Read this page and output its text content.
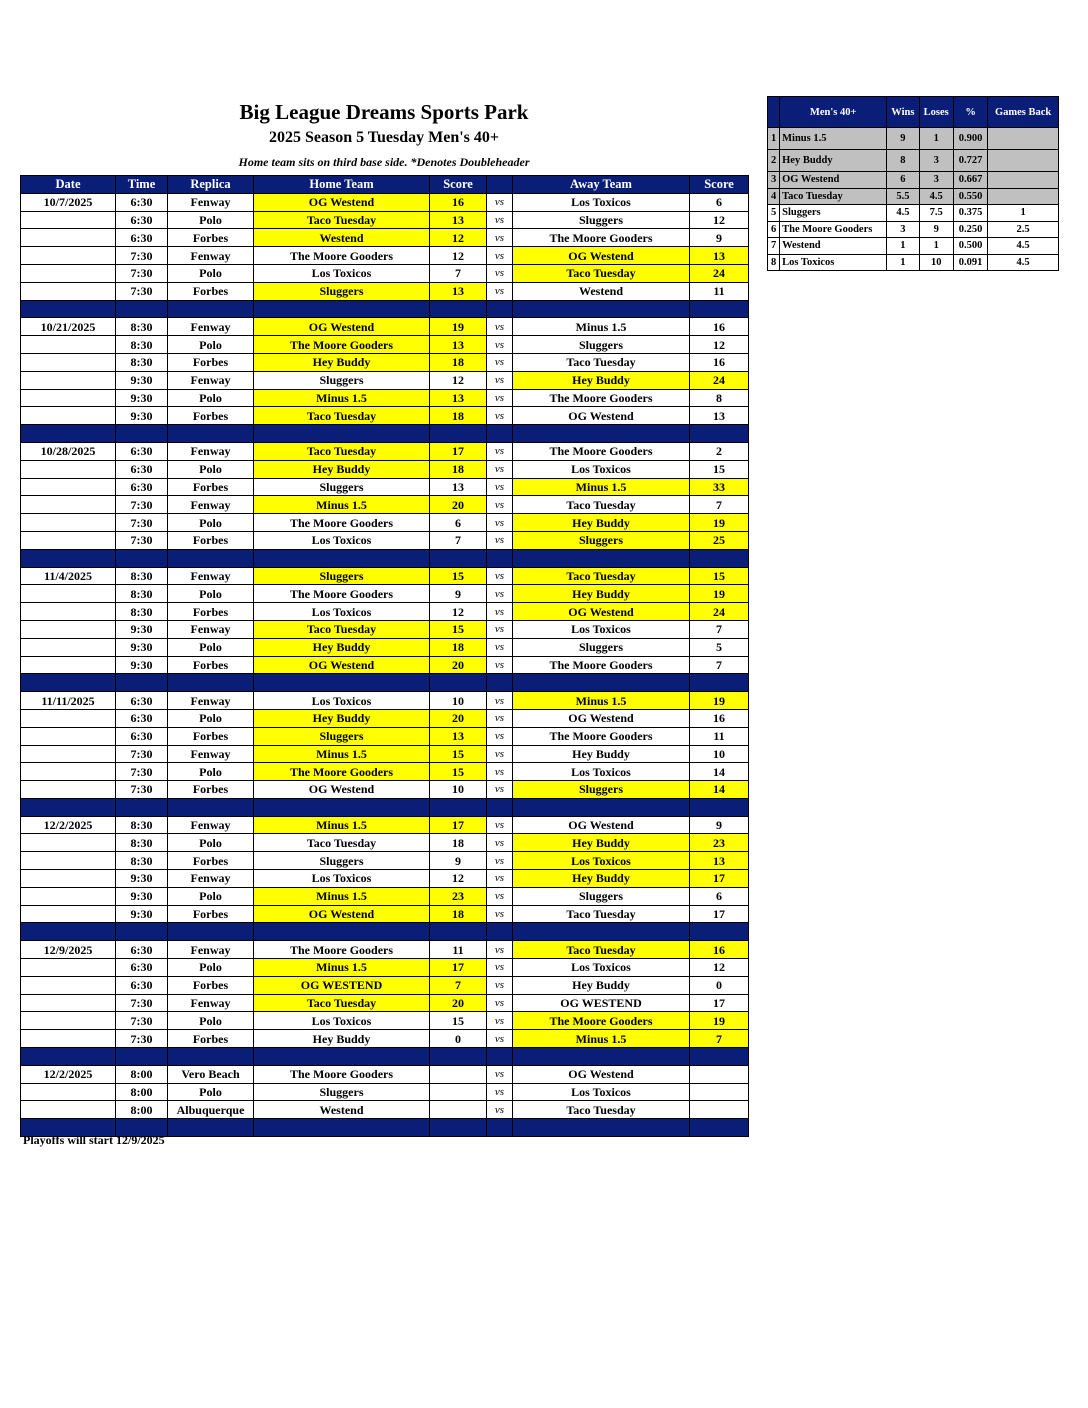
Big League Dreams Sports Park
2025 Season 5 Tuesday Men's 40+
Home team sits on third base side. *Denotes Doubleheader
Date	Time	Replica	Home Team	Score		Away Team	Score
10/7/2025	6:30	Fenway	OG Westend	16	vs	Los Toxicos	6
	6:30	Polo	Taco Tuesday	13	vs	Sluggers	12
	6:30	Forbes	Westend	12	vs	The Moore Gooders	9
	7:30	Fenway	The Moore Gooders	12	vs	OG Westend	13
	7:30	Polo	Los Toxicos	7	vs	Taco Tuesday	24
	7:30	Forbes	Sluggers	13	vs	Westend	11

10/21/2025	8:30	Fenway	OG Westend	19	vs	Minus 1.5	16
	8:30	Polo	The Moore Gooders	13	vs	Sluggers	12
	8:30	Forbes	Hey Buddy	18	vs	Taco Tuesday	16
	9:30	Fenway	Sluggers	12	vs	Hey Buddy	24
	9:30	Polo	Minus 1.5	13	vs	The Moore Gooders	8
	9:30	Forbes	Taco Tuesday	18	vs	OG Westend	13

10/28/2025	6:30	Fenway	Taco Tuesday	17	vs	The Moore Gooders	2
	6:30	Polo	Hey Buddy	18	vs	Los Toxicos	15
	6:30	Forbes	Sluggers	13	vs	Minus 1.5	33
	7:30	Fenway	Minus 1.5	20	vs	Taco Tuesday	7
	7:30	Polo	The Moore Gooders	6	vs	Hey Buddy	19
	7:30	Forbes	Los Toxicos	7	vs	Sluggers	25

11/4/2025	8:30	Fenway	Sluggers	15	vs	Taco Tuesday	15
	8:30	Polo	The Moore Gooders	9	vs	Hey Buddy	19
	8:30	Forbes	Los Toxicos	12	vs	OG Westend	24
	9:30	Fenway	Taco Tuesday	15	vs	Los Toxicos	7
	9:30	Polo	Hey Buddy	18	vs	Sluggers	5
	9:30	Forbes	OG Westend	20	vs	The Moore Gooders	7

11/11/2025	6:30	Fenway	Los Toxicos	10	vs	Minus 1.5	19
	6:30	Polo	Hey Buddy	20	vs	OG Westend	16
	6:30	Forbes	Sluggers	13	vs	The Moore Gooders	11
	7:30	Fenway	Minus 1.5	15	vs	Hey Buddy	10
	7:30	Polo	The Moore Gooders	15	vs	Los Toxicos	14
	7:30	Forbes	OG Westend	10	vs	Sluggers	14

12/2/2025	8:30	Fenway	Minus 1.5	17	vs	OG Westend	9
	8:30	Polo	Taco Tuesday	18	vs	Hey Buddy	23
	8:30	Forbes	Sluggers	9	vs	Los Toxicos	13
	9:30	Fenway	Los Toxicos	12	vs	Hey Buddy	17
	9:30	Polo	Minus 1.5	23	vs	Sluggers	6
	9:30	Forbes	OG Westend	18	vs	Taco Tuesday	17

12/9/2025	6:30	Fenway	The Moore Gooders	11	vs	Taco Tuesday	16
	6:30	Polo	Minus 1.5	17	vs	Los Toxicos	12
	6:30	Forbes	OG WESTEND	7	vs	Hey Buddy	0
	7:30	Fenway	Taco Tuesday	20	vs	OG WESTEND	17
	7:30	Polo	Los Toxicos	15	vs	The Moore Gooders	19
	7:30	Forbes	Hey Buddy	0	vs	Minus 1.5	7

12/2/2025	8:00	Vero Beach	The Moore Gooders		vs	OG Westend	
	8:00	Polo	Sluggers		vs	Los Toxicos	
	8:00	Albuquerque	Westend		vs	Taco Tuesday	

	Men's 40+	Wins	Loses	%	Games Back
1	Minus 1.5	9	1	0.900	
2	Hey Buddy	8	3	0.727	
3	OG Westend	6	3	0.667	
4	Taco Tuesday	5.5	4.5	0.550	
5	Sluggers	4.5	7.5	0.375	1
6	The Moore Gooders	3	9	0.250	2.5
7	Westend	1	1	0.500	4.5
8	Los Toxicos	1	10	0.091	4.5
Playoffs will start 12/9/2025
